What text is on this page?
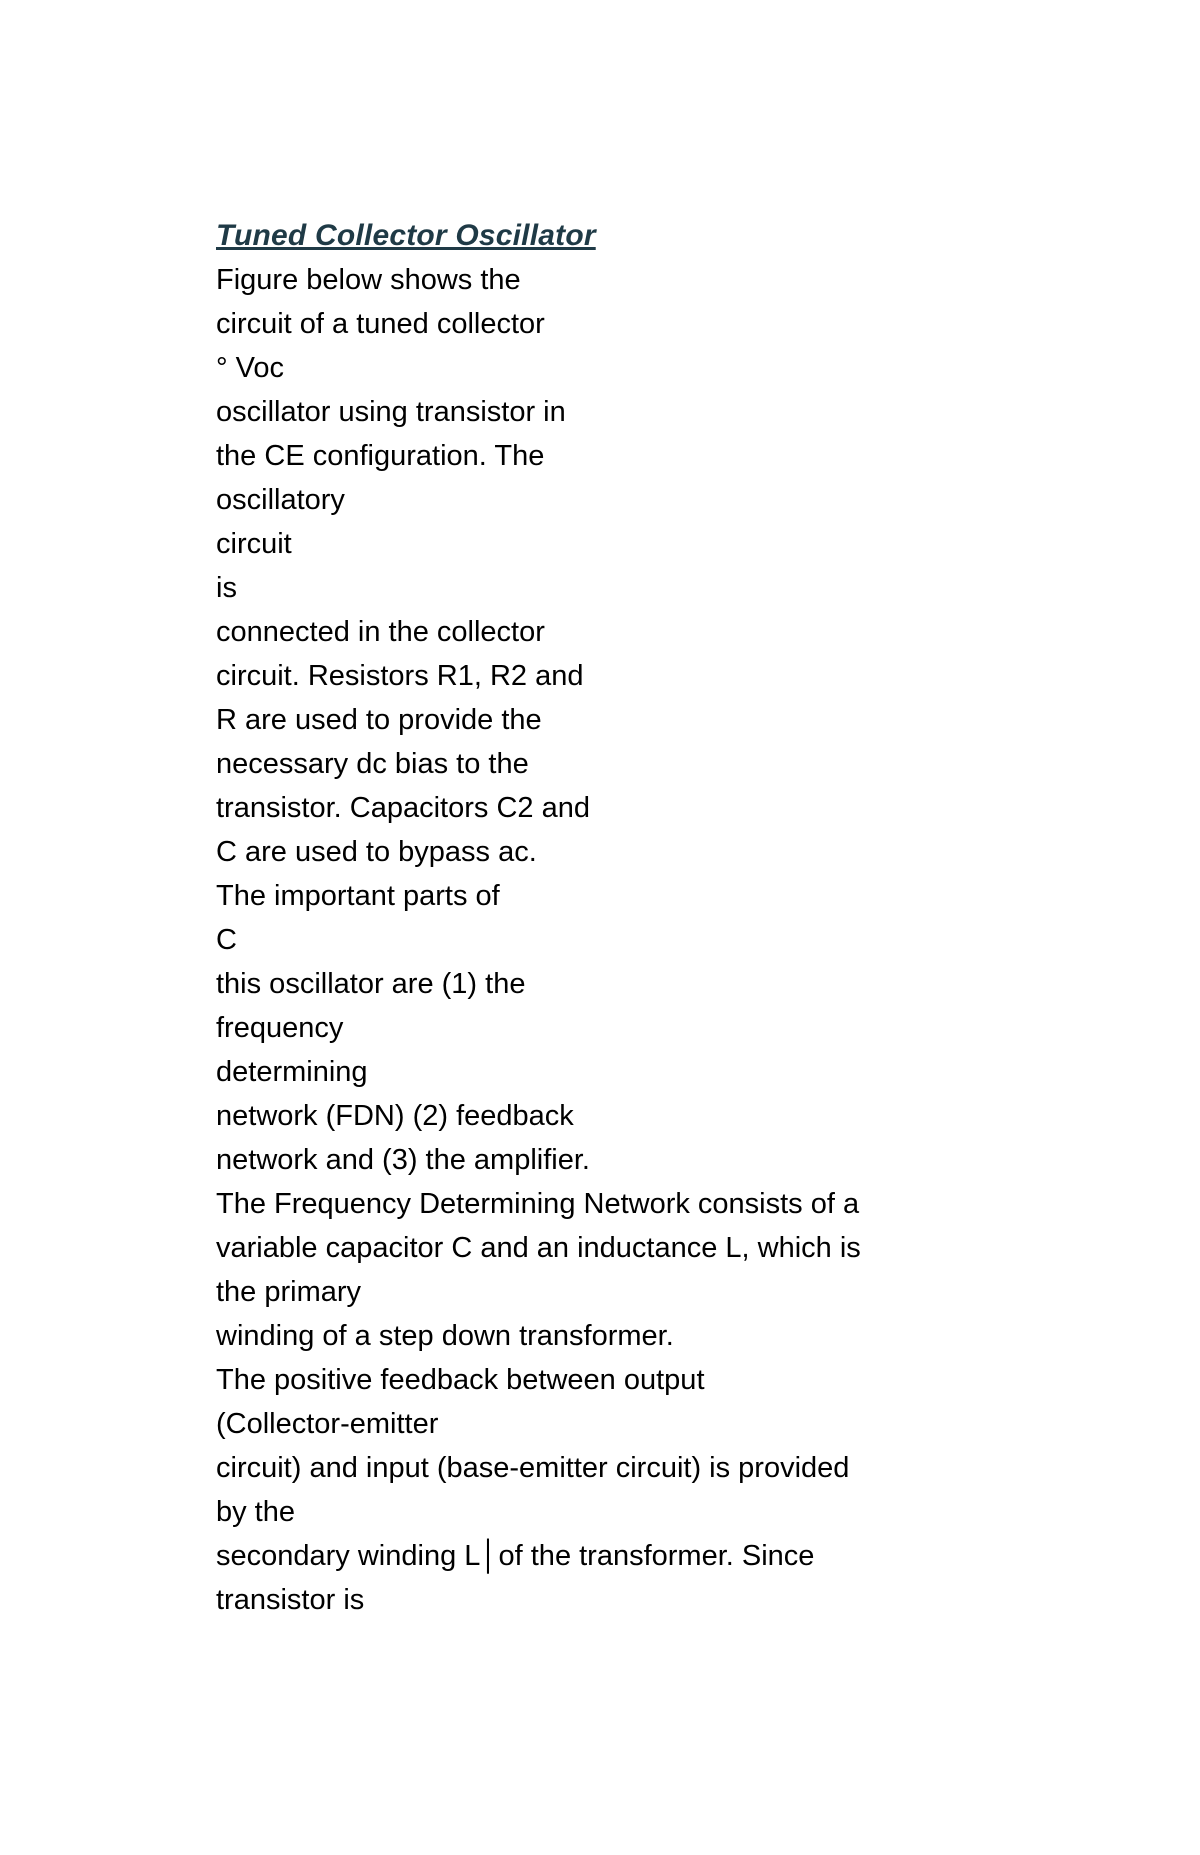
Tuned Collector Oscillator
Figure below shows the
circuit of a tuned collector
° Voc
oscillator using transistor in
the CE configuration. The
oscillatory
circuit
is
connected in the collector
circuit. Resistors R1, R2 and
R are used to provide the
necessary dc bias to the
transistor. Capacitors C2 and
C are used to bypass ac.
The important parts of
C
this oscillator are (1) the
frequency
determining
network (FDN) (2) feedback
network and (3) the amplifier.
The Frequency Determining Network consists of a
variable capacitor C and an inductance L, which is
the primary
winding of a step down transformer.
The positive feedback between output
(Collector-emitter
circuit) and input (base-emitter circuit) is provided
by the
secondary winding L│of the transformer. Since
transistor is
